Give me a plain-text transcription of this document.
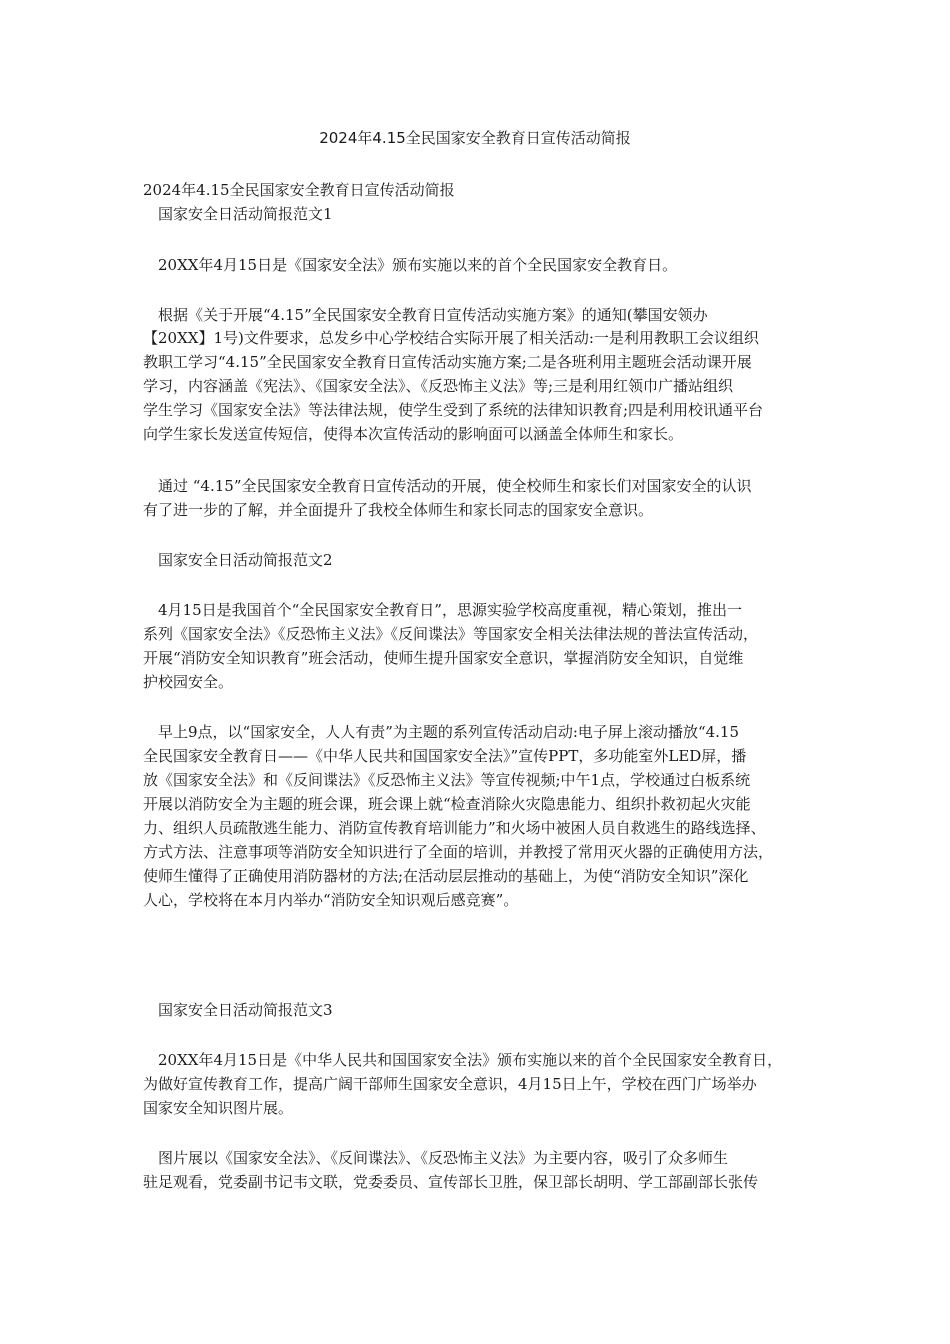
2024年4.15全民国家安全教育日宣传活动简报
2024年4.15全民国家安全教育日宣传活动简报
国家安全日活动简报范文1
20XX年4月15日是《国家安全法》颁布实施以来的首个全民国家安全教育日。
根据《关于开展“4.15”全民国家安全教育日宣传活动实施方案》的通知(攀国安领办
【20XX】1号)文件要求，总发乡中心学校结合实际开展了相关活动:一是利用教职工会议组织
教职工学习“4.15”全民国家安全教育日宣传活动实施方案;二是各班利用主题班会活动课开展
学习，内容涵盖《宪法》、《国家安全法》、《反恐怖主义法》等;三是利用红领巾广播站组织
学生学习《国家安全法》等法律法规，使学生受到了系统的法律知识教育;四是利用校讯通平台
向学生家长发送宣传短信，使得本次宣传活动的影响面可以涵盖全体师生和家长。
通过 “4.15”全民国家安全教育日宣传活动的开展，使全校师生和家长们对国家安全的认识
有了进一步的了解，并全面提升了我校全体师生和家长同志的国家安全意识。
国家安全日活动简报范文2
4月15日是我国首个“全民国家安全教育日”，思源实验学校高度重视，精心策划，推出一
系列《国家安全法》《反恐怖主义法》《反间谍法》等国家安全相关法律法规的普法宣传活动，
开展“消防安全知识教育”班会活动，使师生提升国家安全意识，掌握消防安全知识，自觉维
护校园安全。
早上9点，以“国家安全，人人有责”为主题的系列宣传活动启动:电子屏上滚动播放“4.15
全民国家安全教育日——《中华人民共和国国家安全法》”宣传PPT，多功能室外LED屏，播
放《国家安全法》和《反间谍法》《反恐怖主义法》等宣传视频;中午1点，学校通过白板系统
开展以消防安全为主题的班会课，班会课上就“检查消除火灾隐患能力、组织扑救初起火灾能
力、组织人员疏散逃生能力、消防宣传教育培训能力”和火场中被困人员自救逃生的路线选择、
方式方法、注意事项等消防安全知识进行了全面的培训，并教授了常用灭火器的正确使用方法，
使师生懂得了正确使用消防器材的方法;在活动层层推动的基础上，为使“消防安全知识”深化
人心，学校将在本月内举办“消防安全知识观后感竞赛”。
国家安全日活动简报范文3
20XX年4月15日是《中华人民共和国国家安全法》颁布实施以来的首个全民国家安全教育日，
为做好宣传教育工作，提高广阔干部师生国家安全意识，4月15日上午，学校在西门广场举办
国家安全知识图片展。
图片展以《国家安全法》、《反间谍法》、《反恐怖主义法》为主要内容，吸引了众多师生
驻足观看，党委副书记韦文联，党委委员、宣传部长卫胜，保卫部长胡明、学工部副部长张传
